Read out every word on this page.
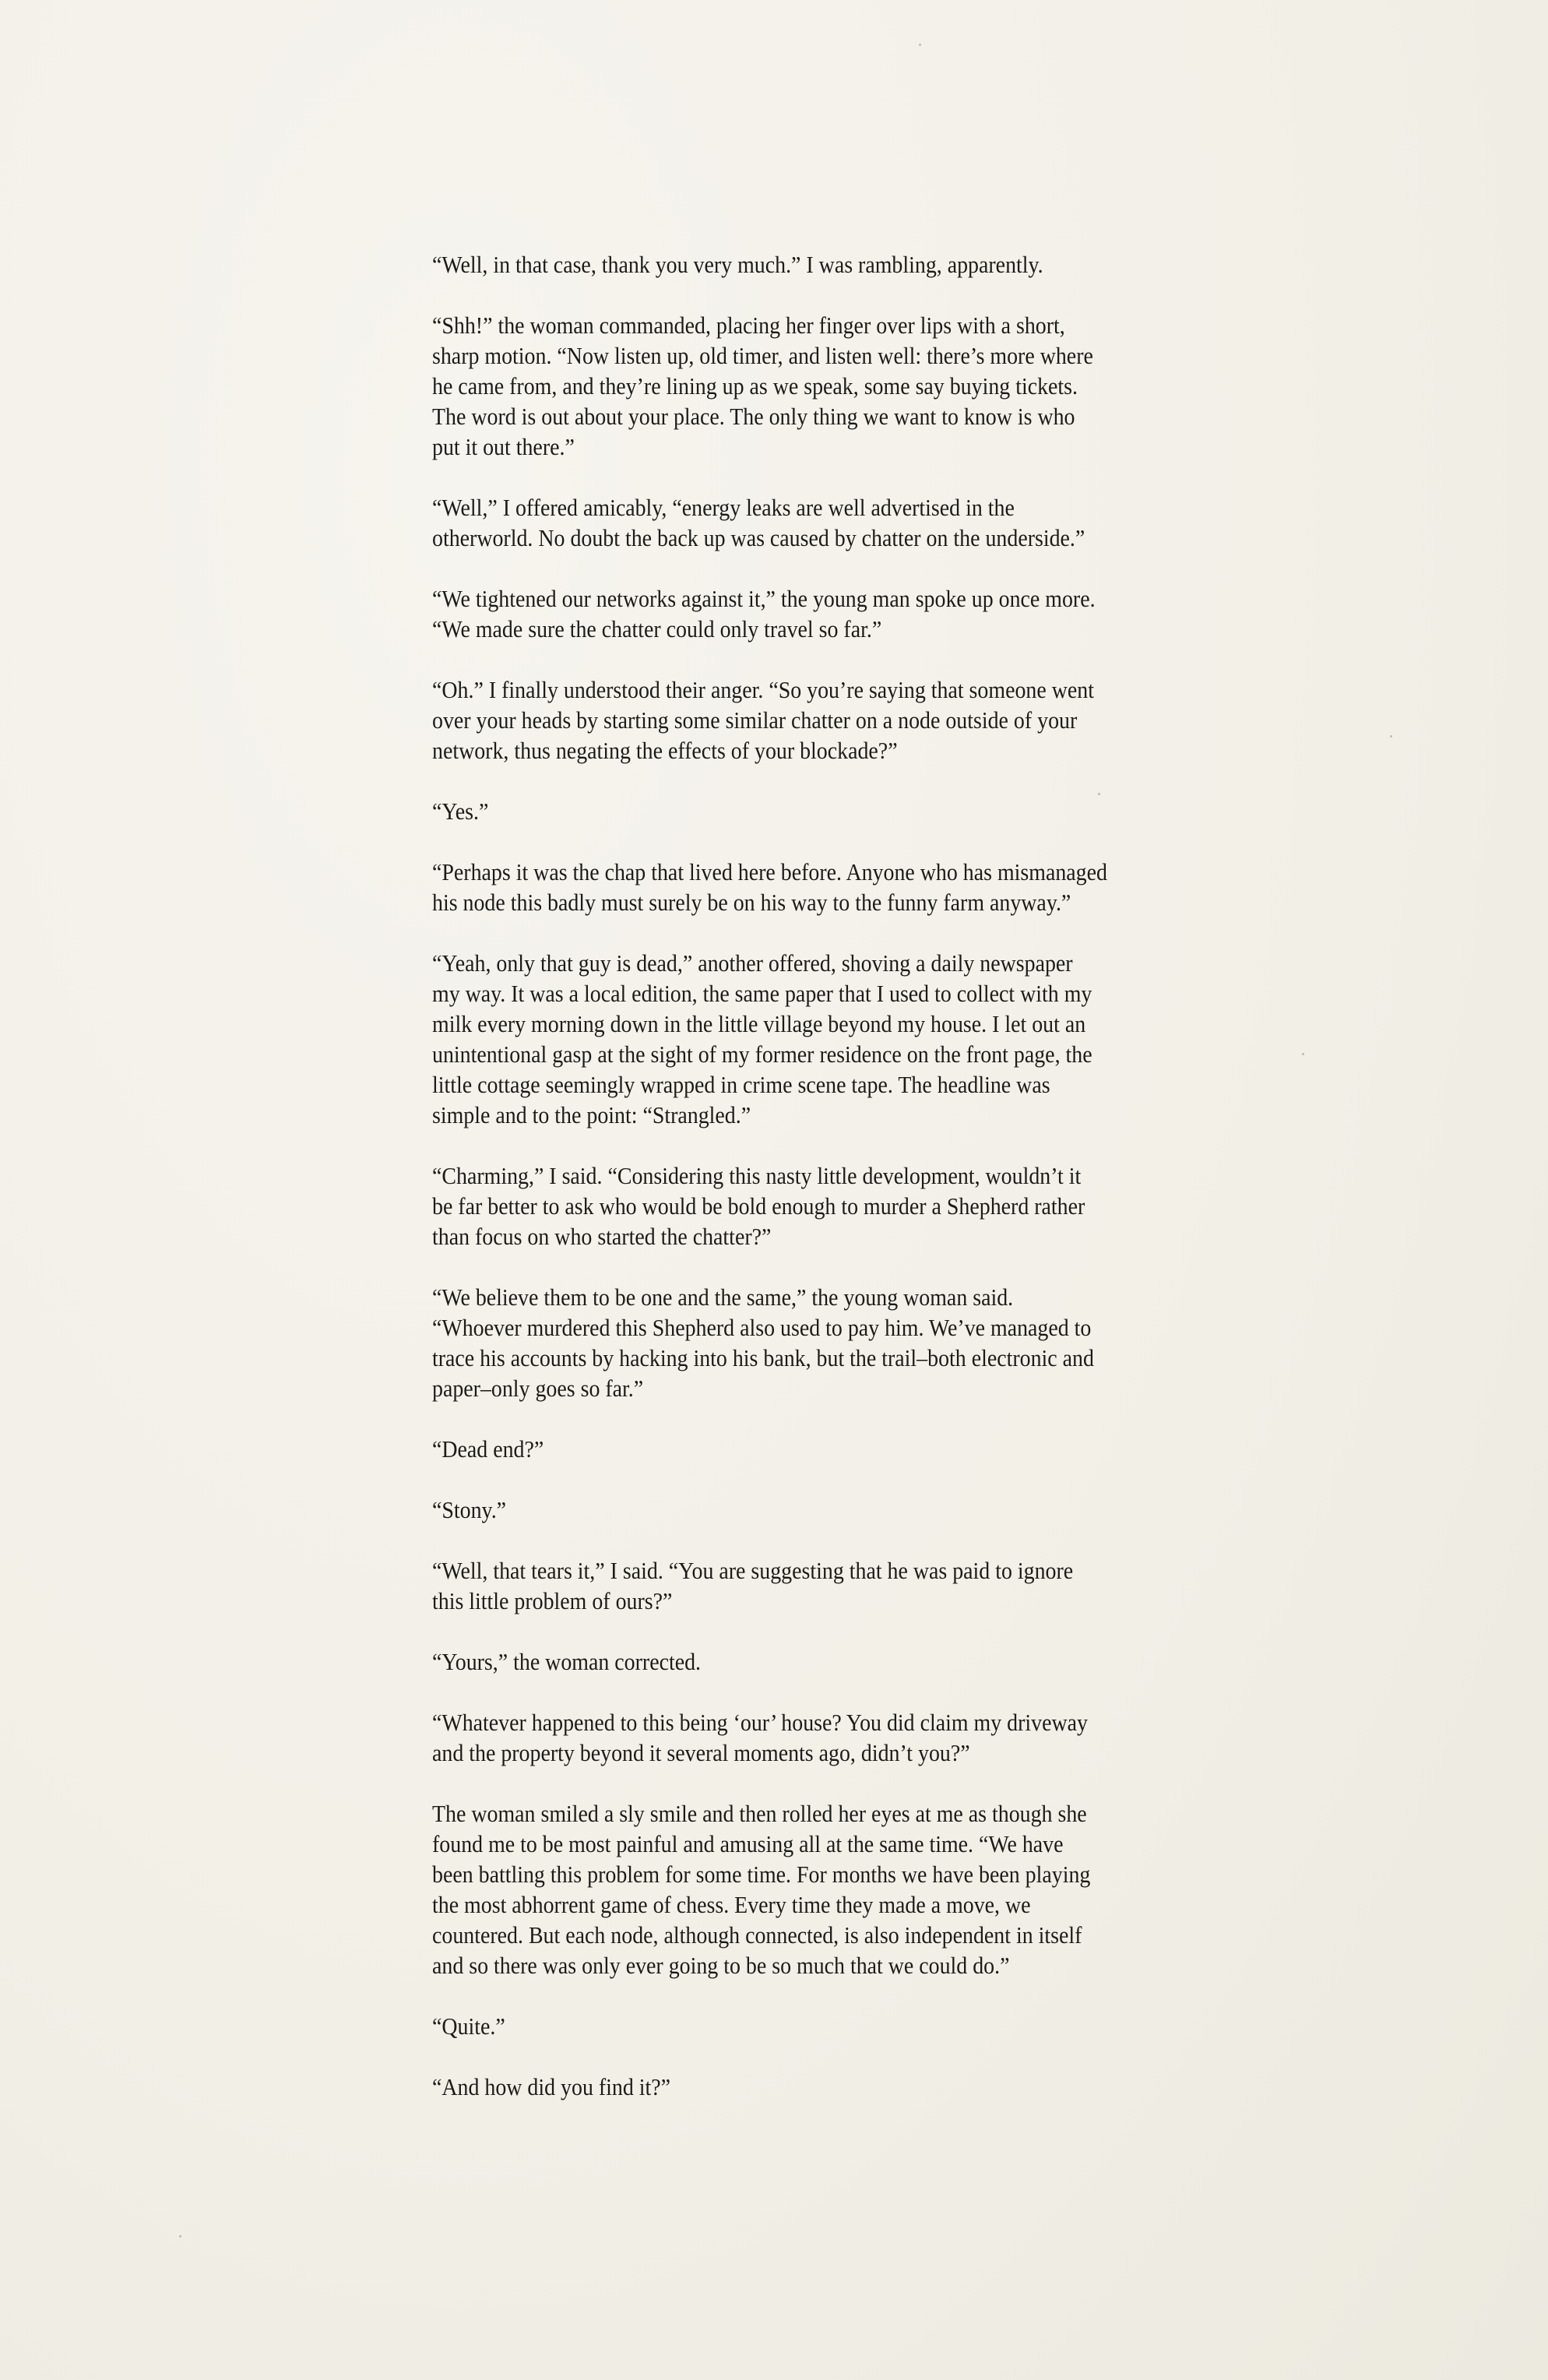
“Well, in that case, thank you very much.” I was rambling, apparently.
“Shh!” the woman commanded, placing her finger over lips with a short,
sharp motion. “Now listen up, old timer, and listen well: there’s more where
he came from, and they’re lining up as we speak, some say buying tickets.
The word is out about your place. The only thing we want to know is who
put it out there.”
“Well,” I offered amicably, “energy leaks are well advertised in the
otherworld. No doubt the back up was caused by chatter on the underside.”
“We tightened our networks against it,” the young man spoke up once more.
“We made sure the chatter could only travel so far.”
“Oh.” I finally understood their anger. “So you’re saying that someone went
over your heads by starting some similar chatter on a node outside of your
network, thus negating the effects of your blockade?”
“Yes.”
“Perhaps it was the chap that lived here before. Anyone who has mismanaged
his node this badly must surely be on his way to the funny farm anyway.”
“Yeah, only that guy is dead,” another offered, shoving a daily newspaper
my way. It was a local edition, the same paper that I used to collect with my
milk every morning down in the little village beyond my house. I let out an
unintentional gasp at the sight of my former residence on the front page, the
little cottage seemingly wrapped in crime scene tape. The headline was
simple and to the point: “Strangled.”
“Charming,” I said. “Considering this nasty little development, wouldn’t it
be far better to ask who would be bold enough to murder a Shepherd rather
than focus on who started the chatter?”
“We believe them to be one and the same,” the young woman said.
“Whoever murdered this Shepherd also used to pay him. We’ve managed to
trace his accounts by hacking into his bank, but the trail–both electronic and
paper–only goes so far.”
“Dead end?”
“Stony.”
“Well, that tears it,” I said. “You are suggesting that he was paid to ignore
this little problem of ours?”
“Yours,” the woman corrected.
“Whatever happened to this being ‘our’ house? You did claim my driveway
and the property beyond it several moments ago, didn’t you?”
The woman smiled a sly smile and then rolled her eyes at me as though she
found me to be most painful and amusing all at the same time. “We have
been battling this problem for some time. For months we have been playing
the most abhorrent game of chess. Every time they made a move, we
countered. But each node, although connected, is also independent in itself
and so there was only ever going to be so much that we could do.”
“Quite.”
“And how did you find it?”
